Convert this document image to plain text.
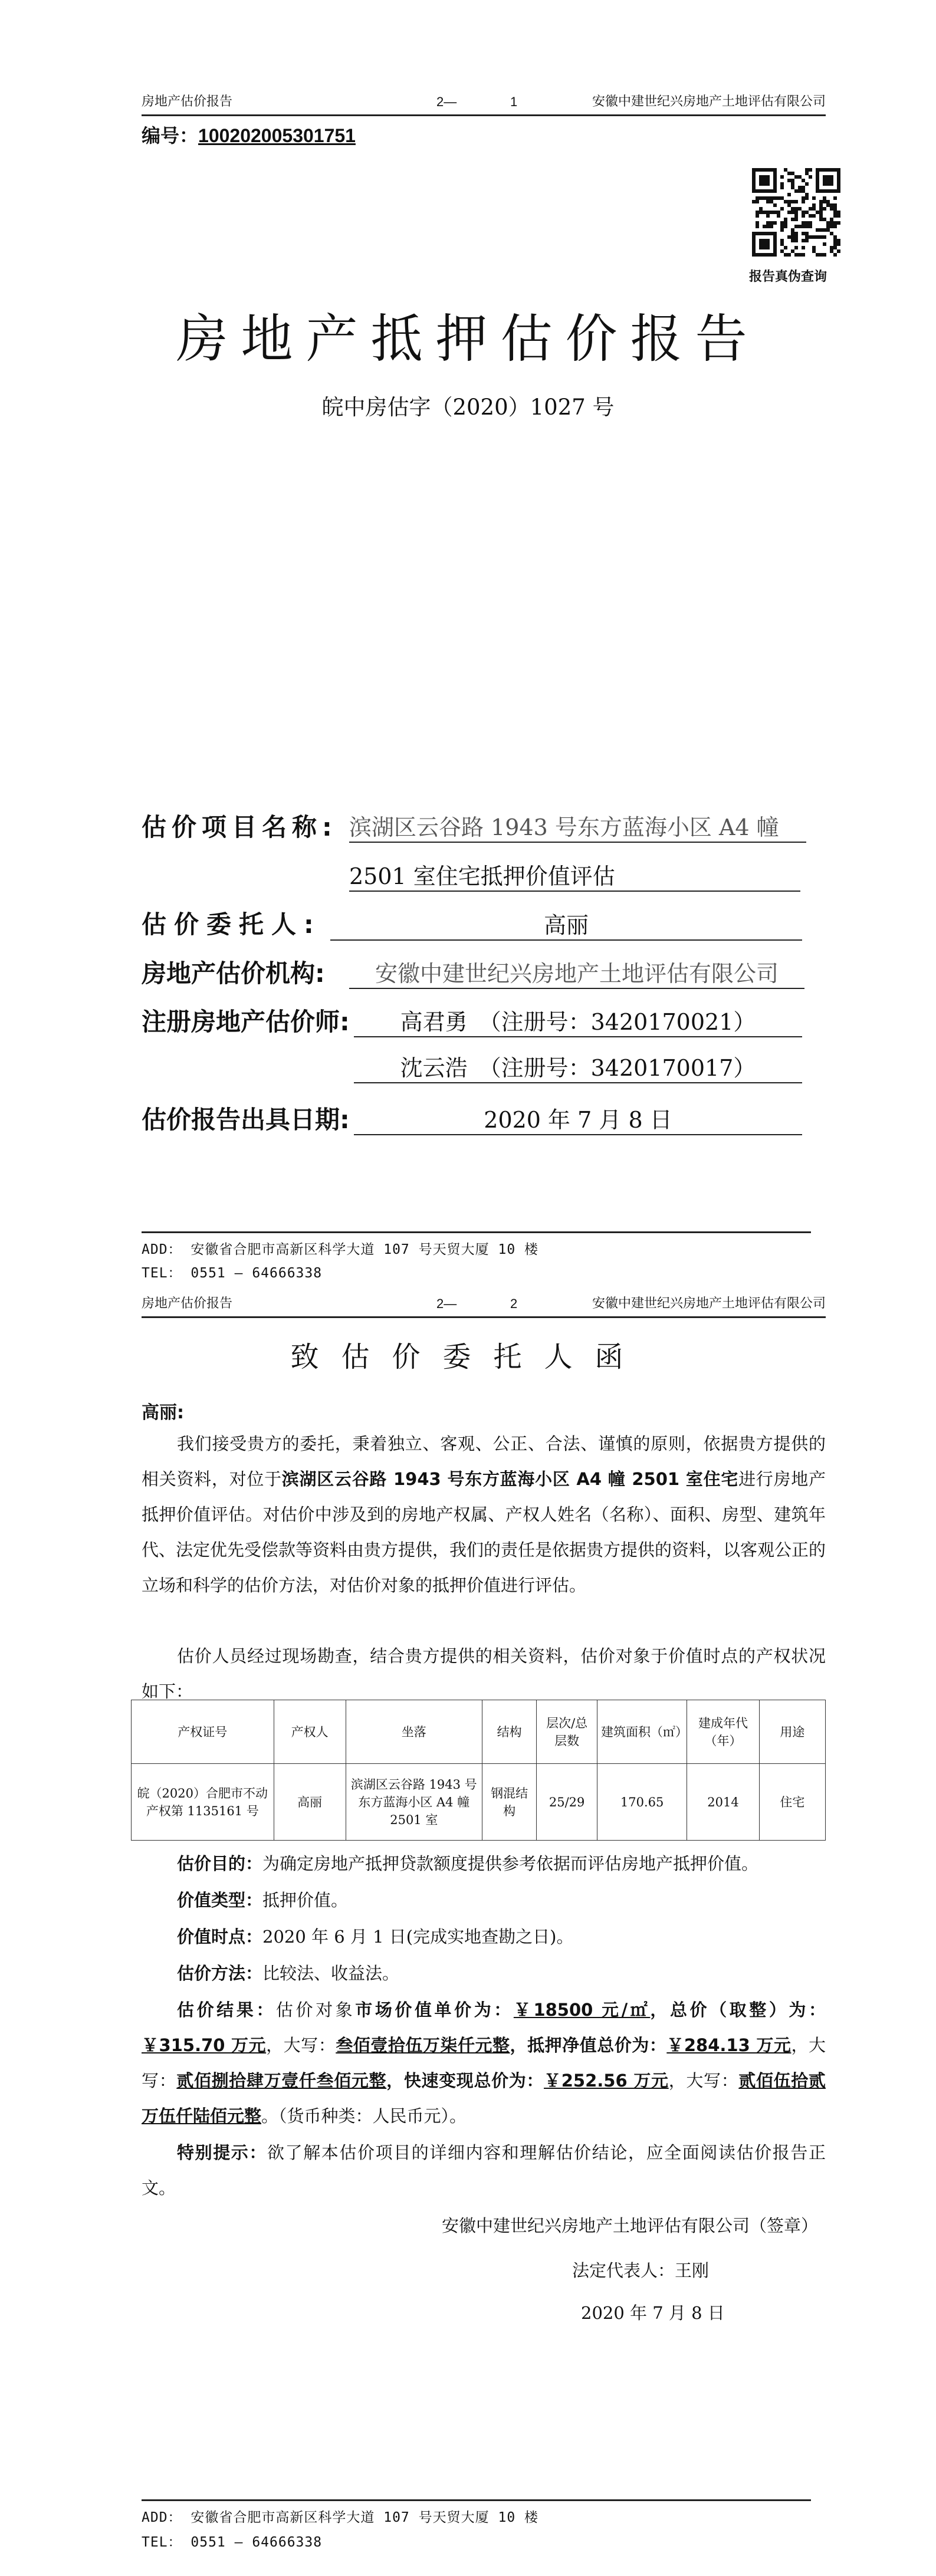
房地产估价报告	2—	1	安徽中建世纪兴房地产土地评估有限公司
编号：100202005301751
报告真伪查询
房地产抵押估价报告
皖中房估字（2020）1027 号
估价项目名称: 滨湖区云谷路 1943 号东方蓝海小区 A4 幢
2501 室住宅抵押价值评估
估价委托人:	高丽
房地产估价机构:	安徽中建世纪兴房地产土地评估有限公司
注册房地产估价师:	高君勇　（注册号：3420170021）
沈云浩　（注册号：3420170017）
估价报告出具日期:	2020 年 7 月 8 日
ADD： 安徽省合肥市高新区科学大道 107 号天贸大厦 10 楼
TEL： 0551 — 64666338
房地产估价报告	2—	2	安徽中建世纪兴房地产土地评估有限公司
致估价委托人函
高丽:
我们接受贵方的委托，秉着独立、客观、公正、合法、谨慎的原则，依据贵方提供的相关资料，对位于滨湖区云谷路 1943 号东方蓝海小区 A4 幢 2501 室住宅进行房地产抵押价值评估。对估价中涉及到的房地产权属、产权人姓名（名称）、面积、房型、建筑年代、法定优先受偿款等资料由贵方提供，我们的责任是依据贵方提供的资料，以客观公正的立场和科学的估价方法，对估价对象的抵押价值进行评估。
估价人员经过现场勘查，结合贵方提供的相关资料，估价对象于价值时点的产权状况如下：
产权证号	产权人	坐落	结构	层次/总层数	建筑面积（㎡）	建成年代（年）	用途
皖（2020）合肥市不动产权第 1135161 号	高丽	滨湖区云谷路 1943 号东方蓝海小区 A4 幢 2501 室	钢混结构	25/29	170.65	2014	住宅
估价目的：为确定房地产抵押贷款额度提供参考依据而评估房地产抵押价值。
价值类型：抵押价值。
价值时点：2020 年 6 月 1 日(完成实地查勘之日)。
估价方法：比较法、收益法。
估价结果：估价对象市场价值单价为：￥18500 元/㎡，总价（取整）为：￥315.70 万元，大写：叁佰壹拾伍万柒仟元整，抵押净值总价为：￥284.13 万元，大写：贰佰捌拾肆万壹仟叁佰元整，快速变现总价为：￥252.56 万元，大写：贰佰伍拾贰万伍仟陆佰元整。（货币种类：人民币元）。
特别提示：欲了解本估价项目的详细内容和理解估价结论，应全面阅读估价报告正文。
安徽中建世纪兴房地产土地评估有限公司（签章）
法定代表人：王刚
2020 年 7 月 8 日
ADD： 安徽省合肥市高新区科学大道 107 号天贸大厦 10 楼
TEL： 0551 — 64666338
